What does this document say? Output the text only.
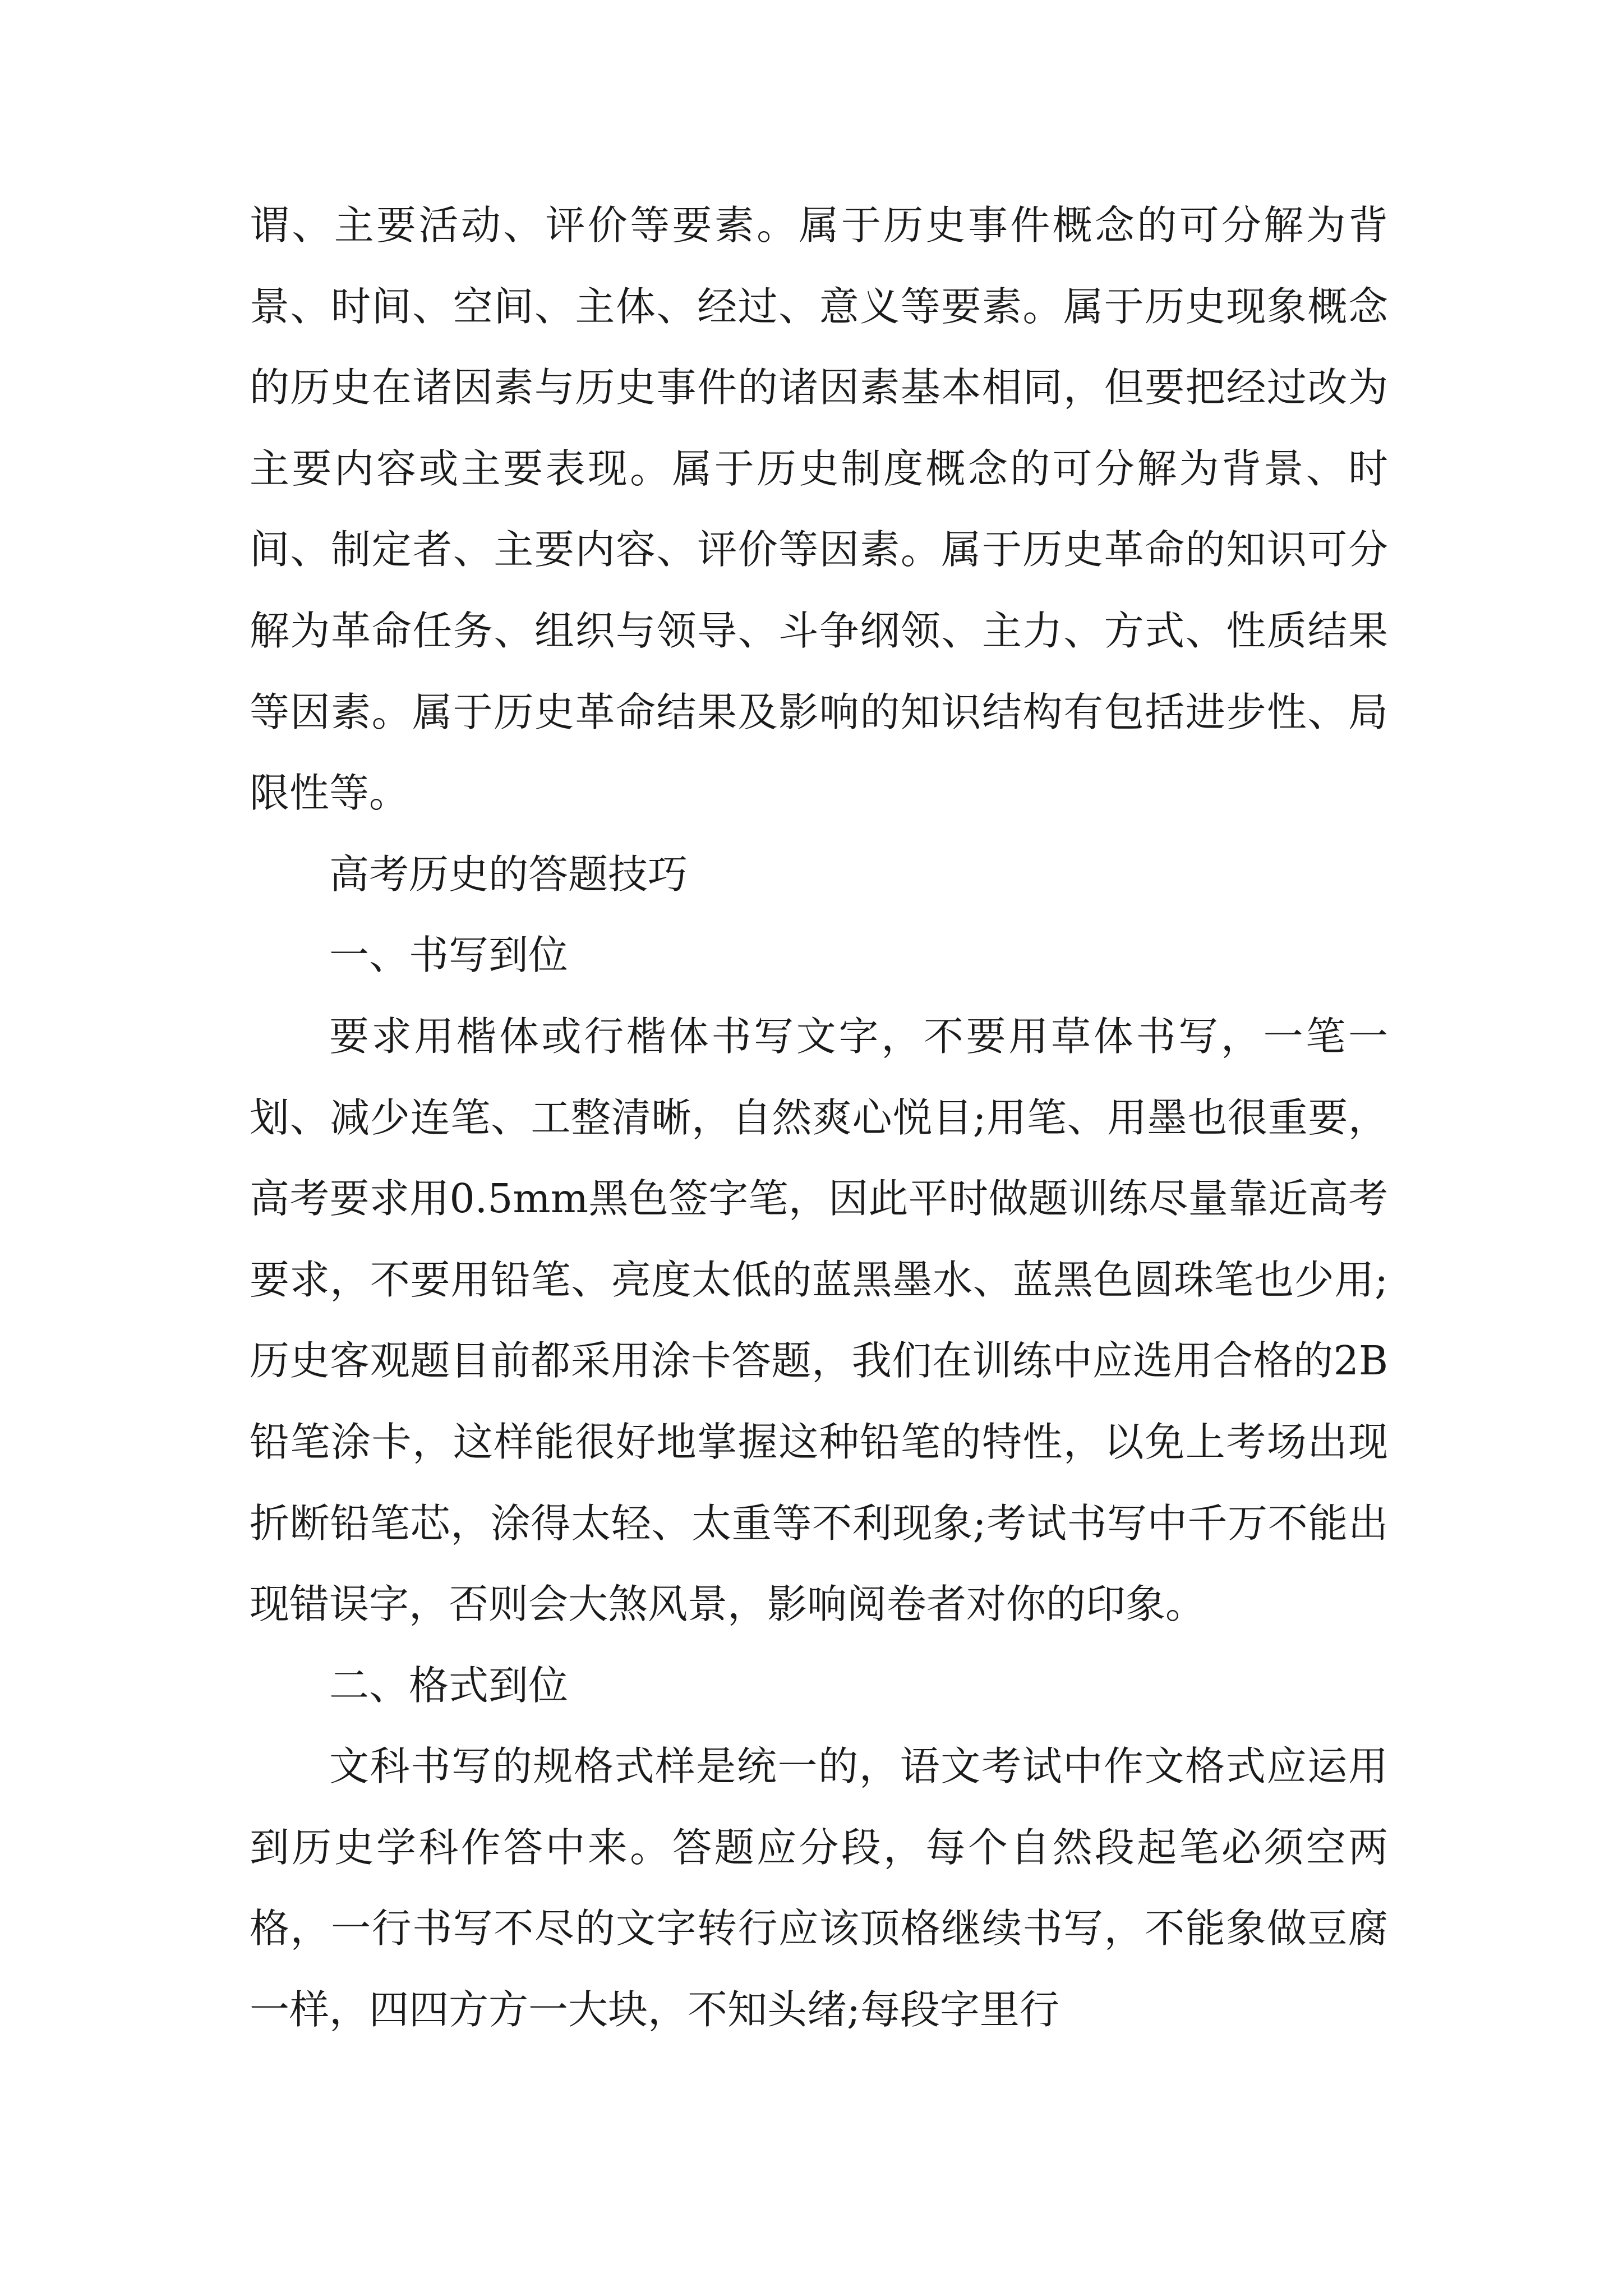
谓、主要活动、评价等要素。属于历史事件概念的可分解为背景、时间、空间、主体、经过、意义等要素。属于历史现象概念的历史在诸因素与历史事件的诸因素基本相同，但要把经过改为主要内容或主要表现。属于历史制度概念的可分解为背景、时间、制定者、主要内容、评价等因素。属于历史革命的知识可分解为革命任务、组织与领导、斗争纲领、主力、方式、性质结果等因素。属于历史革命结果及影响的知识结构有包括进步性、局限性等。

高考历史的答题技巧

一、书写到位

要求用楷体或行楷体书写文字，不要用草体书写，一笔一划、减少连笔、工整清晰，自然爽心悦目;用笔、用墨也很重要，高考要求用0.5mm黑色签字笔，因此平时做题训练尽量靠近高考要求，不要用铅笔、亮度太低的蓝黑墨水、蓝黑色圆珠笔也少用;历史客观题目前都采用涂卡答题，我们在训练中应选用合格的2B铅笔涂卡，这样能很好地掌握这种铅笔的特性，以免上考场出现折断铅笔芯，涂得太轻、太重等不利现象;考试书写中千万不能出现错误字，否则会大煞风景，影响阅卷者对你的印象。

二、格式到位

文科书写的规格式样是统一的，语文考试中作文格式应运用到历史学科作答中来。答题应分段，每个自然段起笔必须空两格，一行书写不尽的文字转行应该顶格继续书写，不能象做豆腐一样，四四方方一大块，不知头绪;每段字里行
